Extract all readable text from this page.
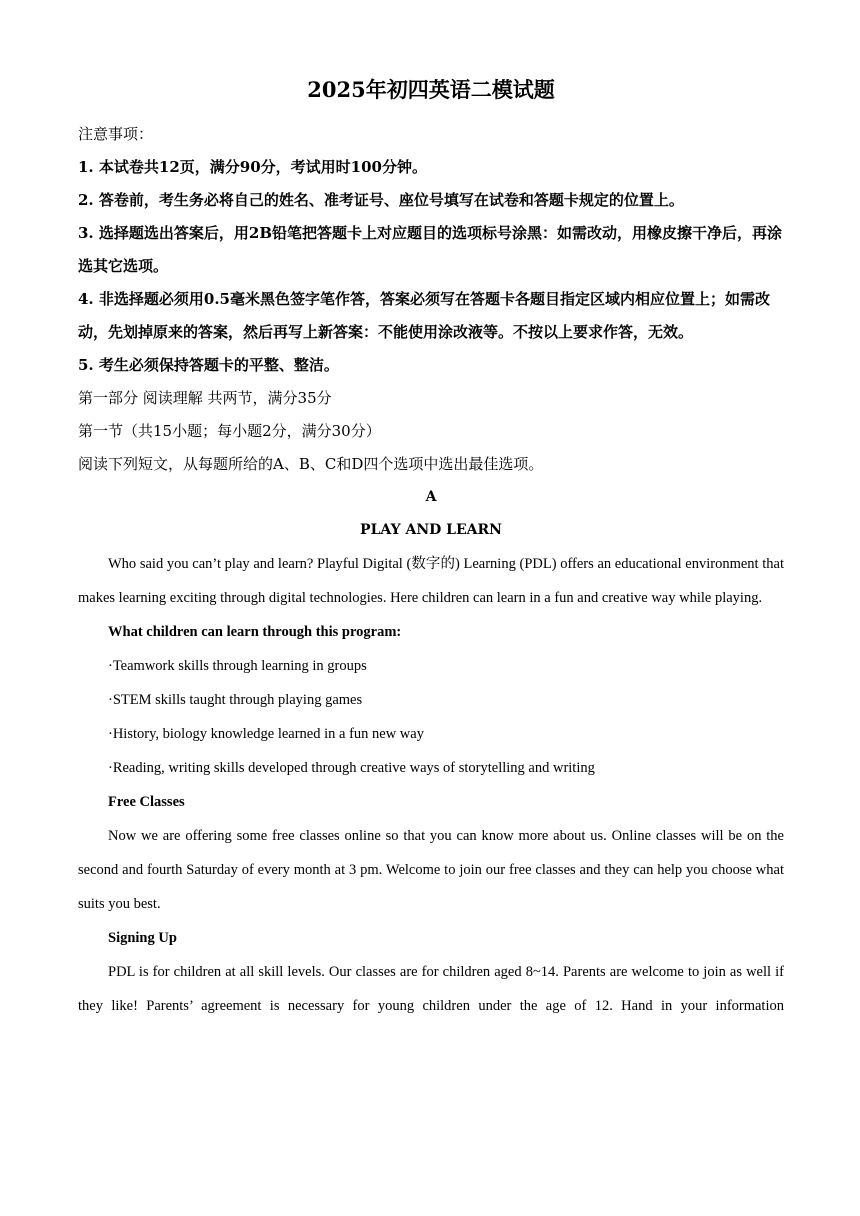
2025年初四英语二模试题
注意事项：
1. 本试卷共12页，满分90分，考试用时100分钟。
2. 答卷前，考生务必将自己的姓名、准考证号、座位号填写在试卷和答题卡规定的位置上。
3. 选择题选出答案后，用2B铅笔把答题卡上对应题目的选项标号涂黑：如需改动，用橡皮擦干净后，再涂选其它选项。
4. 非选择题必须用0.5毫米黑色签字笔作答，答案必须写在答题卡各题目指定区域内相应位置上；如需改动，先划掉原来的答案，然后再写上新答案：不能使用涂改液等。不按以上要求作答，无效。
5. 考生必须保持答题卡的平整、整洁。
第一部分 阅读理解 共两节，满分35分
第一节（共15小题；每小题2分，满分30分）
阅读下列短文，从每题所给的A、B、C和D四个选项中选出最佳选项。
A
PLAY AND LEARN
Who said you can’t play and learn? Playful Digital (数字的) Learning (PDL) offers an educational environment that makes learning exciting through digital technologies. Here children can learn in a fun and creative way while playing.
What children can learn through this program:
·Teamwork skills through learning in groups
·STEM skills taught through playing games
·History, biology knowledge learned in a fun new way
·Reading, writing skills developed through creative ways of storytelling and writing
Free Classes
Now we are offering some free classes online so that you can know more about us. Online classes will be on the second and fourth Saturday of every month at 3 pm. Welcome to join our free classes and they can help you choose what suits you best.
Signing Up
PDL is for children at all skill levels. Our classes are for children aged 8~14. Parents are welcome to join as well if they like! Parents’ agreement is necessary for young children under the age of 12. Hand in your information
